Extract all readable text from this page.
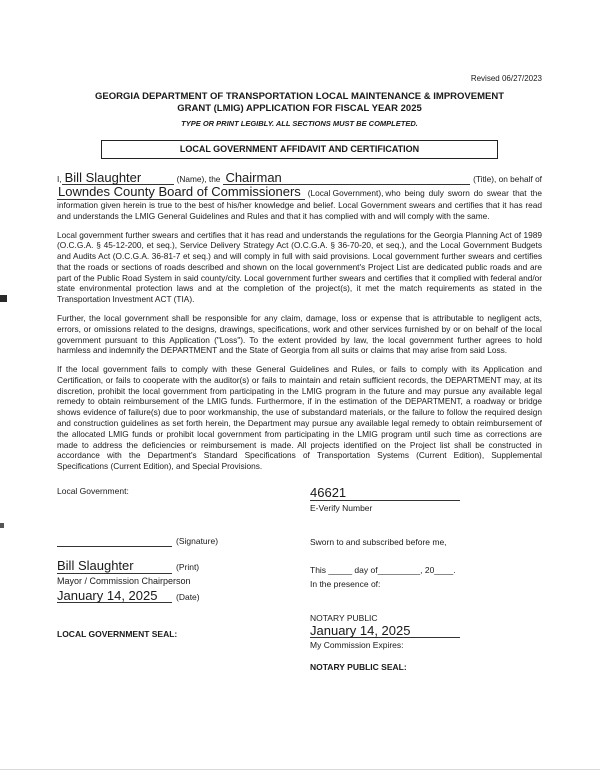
Revised 06/27/2023
GEORGIA DEPARTMENT OF TRANSPORTATION LOCAL MAINTENANCE & IMPROVEMENT
GRANT (LMIG) APPLICATION FOR FISCAL YEAR 2025
TYPE OR PRINT LEGIBLY. ALL SECTIONS MUST BE COMPLETED.
LOCAL GOVERNMENT AFFIDAVIT AND CERTIFICATION
I, Bill Slaughter	(Name), the Chairman	(Title), on behalf of
Lowndes County Board of Commissioners (Local Government), who being duly sworn do swear that the
information given herein is true to the best of his/her knowledge and belief. Local Government swears and certifies that it has read and understands the LMIG General Guidelines and Rules and that it has complied with and will comply with the same.
Local government further swears and certifies that it has read and understands the regulations for the Georgia Planning Act of 1989 (O.C.G.A. § 45-12-200, et seq.), Service Delivery Strategy Act (O.C.G.A. § 36-70-20, et seq.), and the Local Government Budgets and Audits Act (O.C.G.A. 36-81-7 et seq.) and will comply in full with said provisions. Local government further swears and certifies that the roads or sections of roads described and shown on the local government's Project List are dedicated public roads and are part of the Public Road System in said county/city. Local government further swears and certifies that it complied with federal and/or state environmental protection laws and at the completion of the project(s), it met the match requirements as stated in the Transportation Investment ACT (TIA).
Further, the local government shall be responsible for any claim, damage, loss or expense that is attributable to negligent acts, errors, or omissions related to the designs, drawings, specifications, work and other services furnished by or on behalf of the local government pursuant to this Application ("Loss"). To the extent provided by law, the local government further agrees to hold harmless and indemnify the DEPARTMENT and the State of Georgia from all suits or claims that may arise from said Loss.
If the local government fails to comply with these General Guidelines and Rules, or fails to comply with its Application and Certification, or fails to cooperate with the auditor(s) or fails to maintain and retain sufficient records, the DEPARTMENT may, at its discretion, prohibit the local government from participating in the LMIG program in the future and may pursue any available legal remedy to obtain reimbursement of the LMIG funds. Furthermore, if in the estimation of the DEPARTMENT, a roadway or bridge shows evidence of failure(s) due to poor workmanship, the use of substandard materials, or the failure to follow the required design and construction guidelines as set forth herein, the Department may pursue any available legal remedy to obtain reimbursement of the allocated LMIG funds or prohibit local government from participating in the LMIG program until such time as corrections are made to address the deficiencies or reimbursement is made. All projects identified on the Project list shall be constructed in accordance with the Department's Standard Specifications of Transportation Systems (Current Edition), Supplemental Specifications (Current Edition), and Special Provisions.
Local Government:

(Signature)
Bill Slaughter	(Print)
Mayor / Commission Chairperson
January 14, 2025	(Date)
LOCAL GOVERNMENT SEAL:
46621
E-Verify Number
Sworn to and subscribed before me,
This _____ day of_________, 20____.
In the presence of:
NOTARY PUBLIC
January 14, 2025
My Commission Expires:
NOTARY PUBLIC SEAL:
